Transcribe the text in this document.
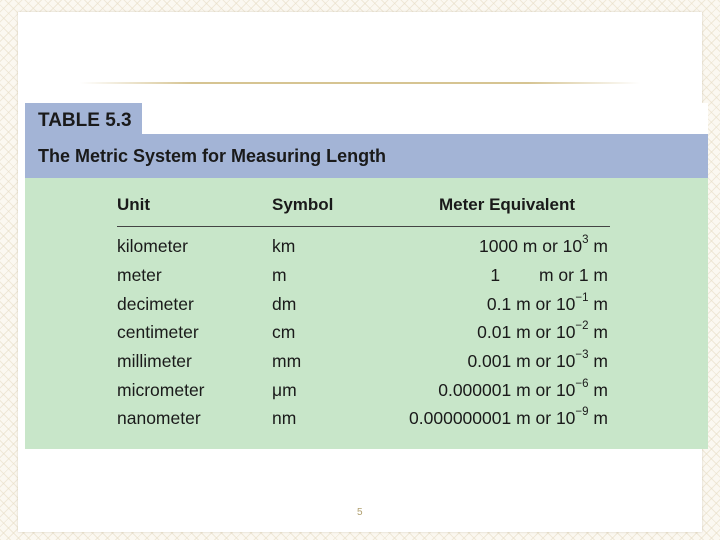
TABLE 5.3
The Metric System for Measuring Length
Unit	Symbol	Meter Equivalent
kilometer	km	1000 m or $10^3$ m
meter	m	1        m or 1 m
decimeter	dm	0.1 m or $10^{-1}$ m
centimeter	cm	0.01 m or $10^{-2}$ m
millimeter	mm	0.001 m or $10^{-3}$ m
micrometer	μm	0.000001 m or $10^{-6}$ m
nanometer	nm	0.000000001 m or $10^{-9}$ m
5
